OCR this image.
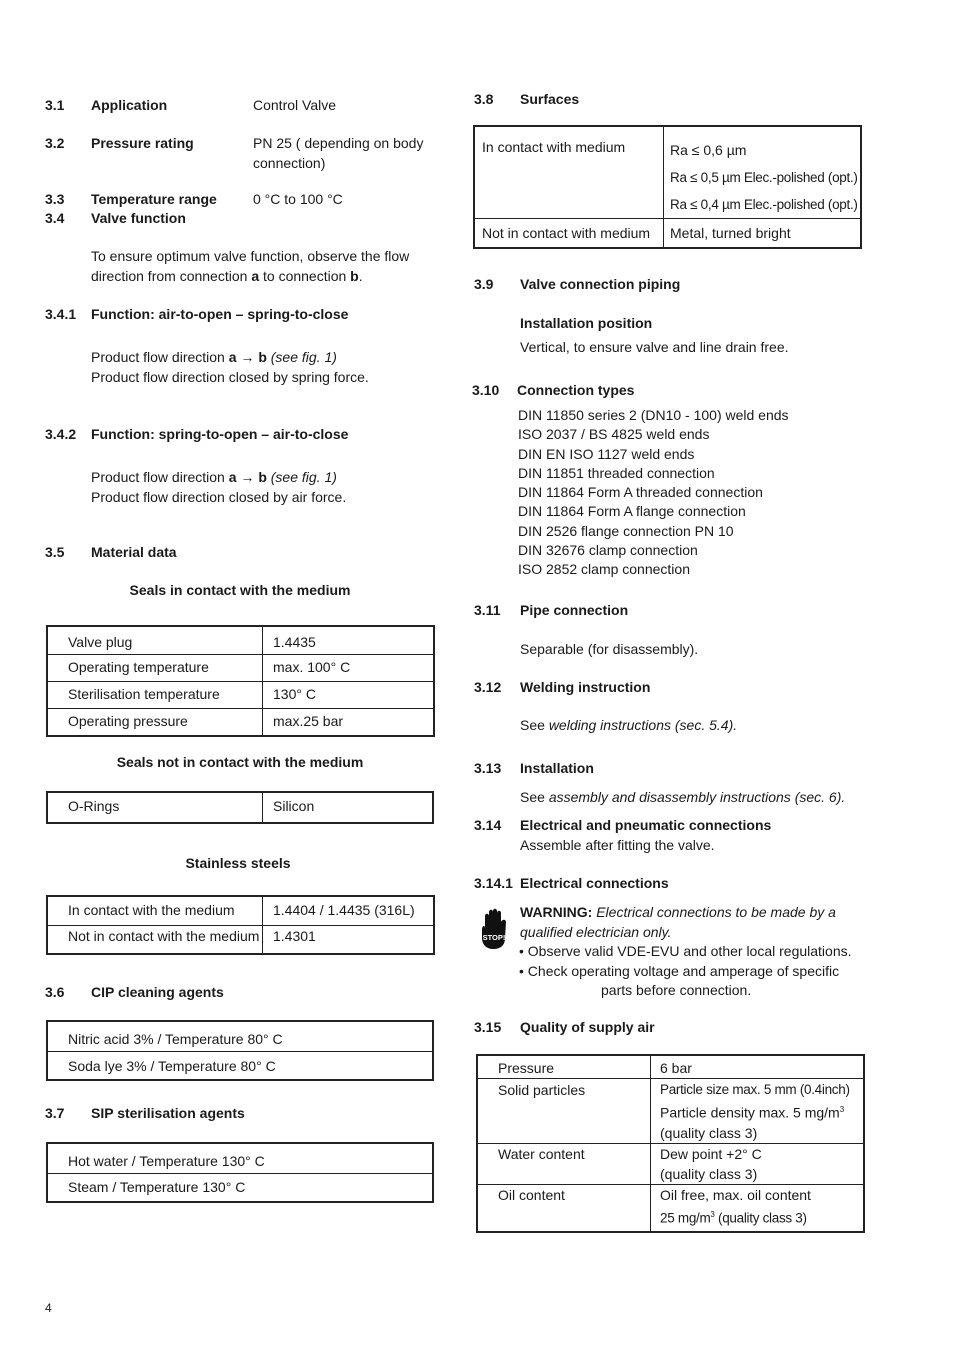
3.1 Application	Control Valve
3.2 Pressure rating	PN 25 ( depending on body
connection)
3.3 Temperature range	0 °C to 100 °C
3.4 Valve function
To ensure optimum valve function, observe the flow
direction from connection a to connection b.
3.4.1 Function: air-to-open – spring-to-close
Product flow direction a → b (see fig. 1)
Product flow direction closed by spring force.
3.4.2 Function: spring-to-open – air-to-close
Product flow direction a → b (see fig. 1)
Product flow direction closed by air force.
3.5 Material data
Seals in contact with the medium
Valve plug	1.4435
Operating temperature	max. 100° C
Sterilisation temperature	130° C
Operating pressure	max.25 bar
Seals not in contact with the medium
O-Rings	Silicon
Stainless steels
In contact with the medium	1.4404 / 1.4435 (316L)
Not in contact with the medium	1.4301
3.6 CIP cleaning agents
Nitric acid 3% / Temperature 80° C
Soda lye 3% / Temperature 80° C
3.7 SIP sterilisation agents
Hot water / Temperature 130° C
Steam / Temperature 130° C
3.8 Surfaces
In contact with medium	Ra ≤ 0,6 µm
Ra ≤ 0,5 µm Elec.-polished (opt.)
Ra ≤ 0,4 µm Elec.-polished (opt.)

Not in contact with medium	Metal, turned bright
3.9 Valve connection piping
Installation position
Vertical, to ensure valve and line drain free.
3.10 Connection types
DIN 11850 series 2 (DN10 - 100) weld ends
ISO 2037 / BS 4825 weld ends
DIN EN ISO 1127 weld ends
DIN 11851 threaded connection
DIN 11864 Form A threaded connection
DIN 11864 Form A flange connection
DIN 2526 flange connection PN 10
DIN 32676 clamp connection
ISO 2852 clamp connection
3.11 Pipe connection
Separable (for disassembly).
3.12 Welding instruction
See welding instructions (sec. 5.4).
3.13 Installation
See assembly and disassembly instructions (sec. 6).
3.14 Electrical and pneumatic connections
Assemble after fitting the valve.
3.14.1 Electrical connections
STOP!
WARNING: Electrical connections to be made by a
qualified electrician only.
• Observe valid VDE-EVU and other local regulations.
• Check operating voltage and amperage of specific
parts before connection.
3.15 Quality of supply air
Pressure	6 bar
Solid particles	Particle size max. 5 mm (0.4inch)
Particle density max. 5 $mg/m^3$
(quality class 3)

Water content	Dew point +2° C
(quality class 3)

Oil content	Oil free, max. oil content
25 $mg/m^3$ (quality class 3)
4
